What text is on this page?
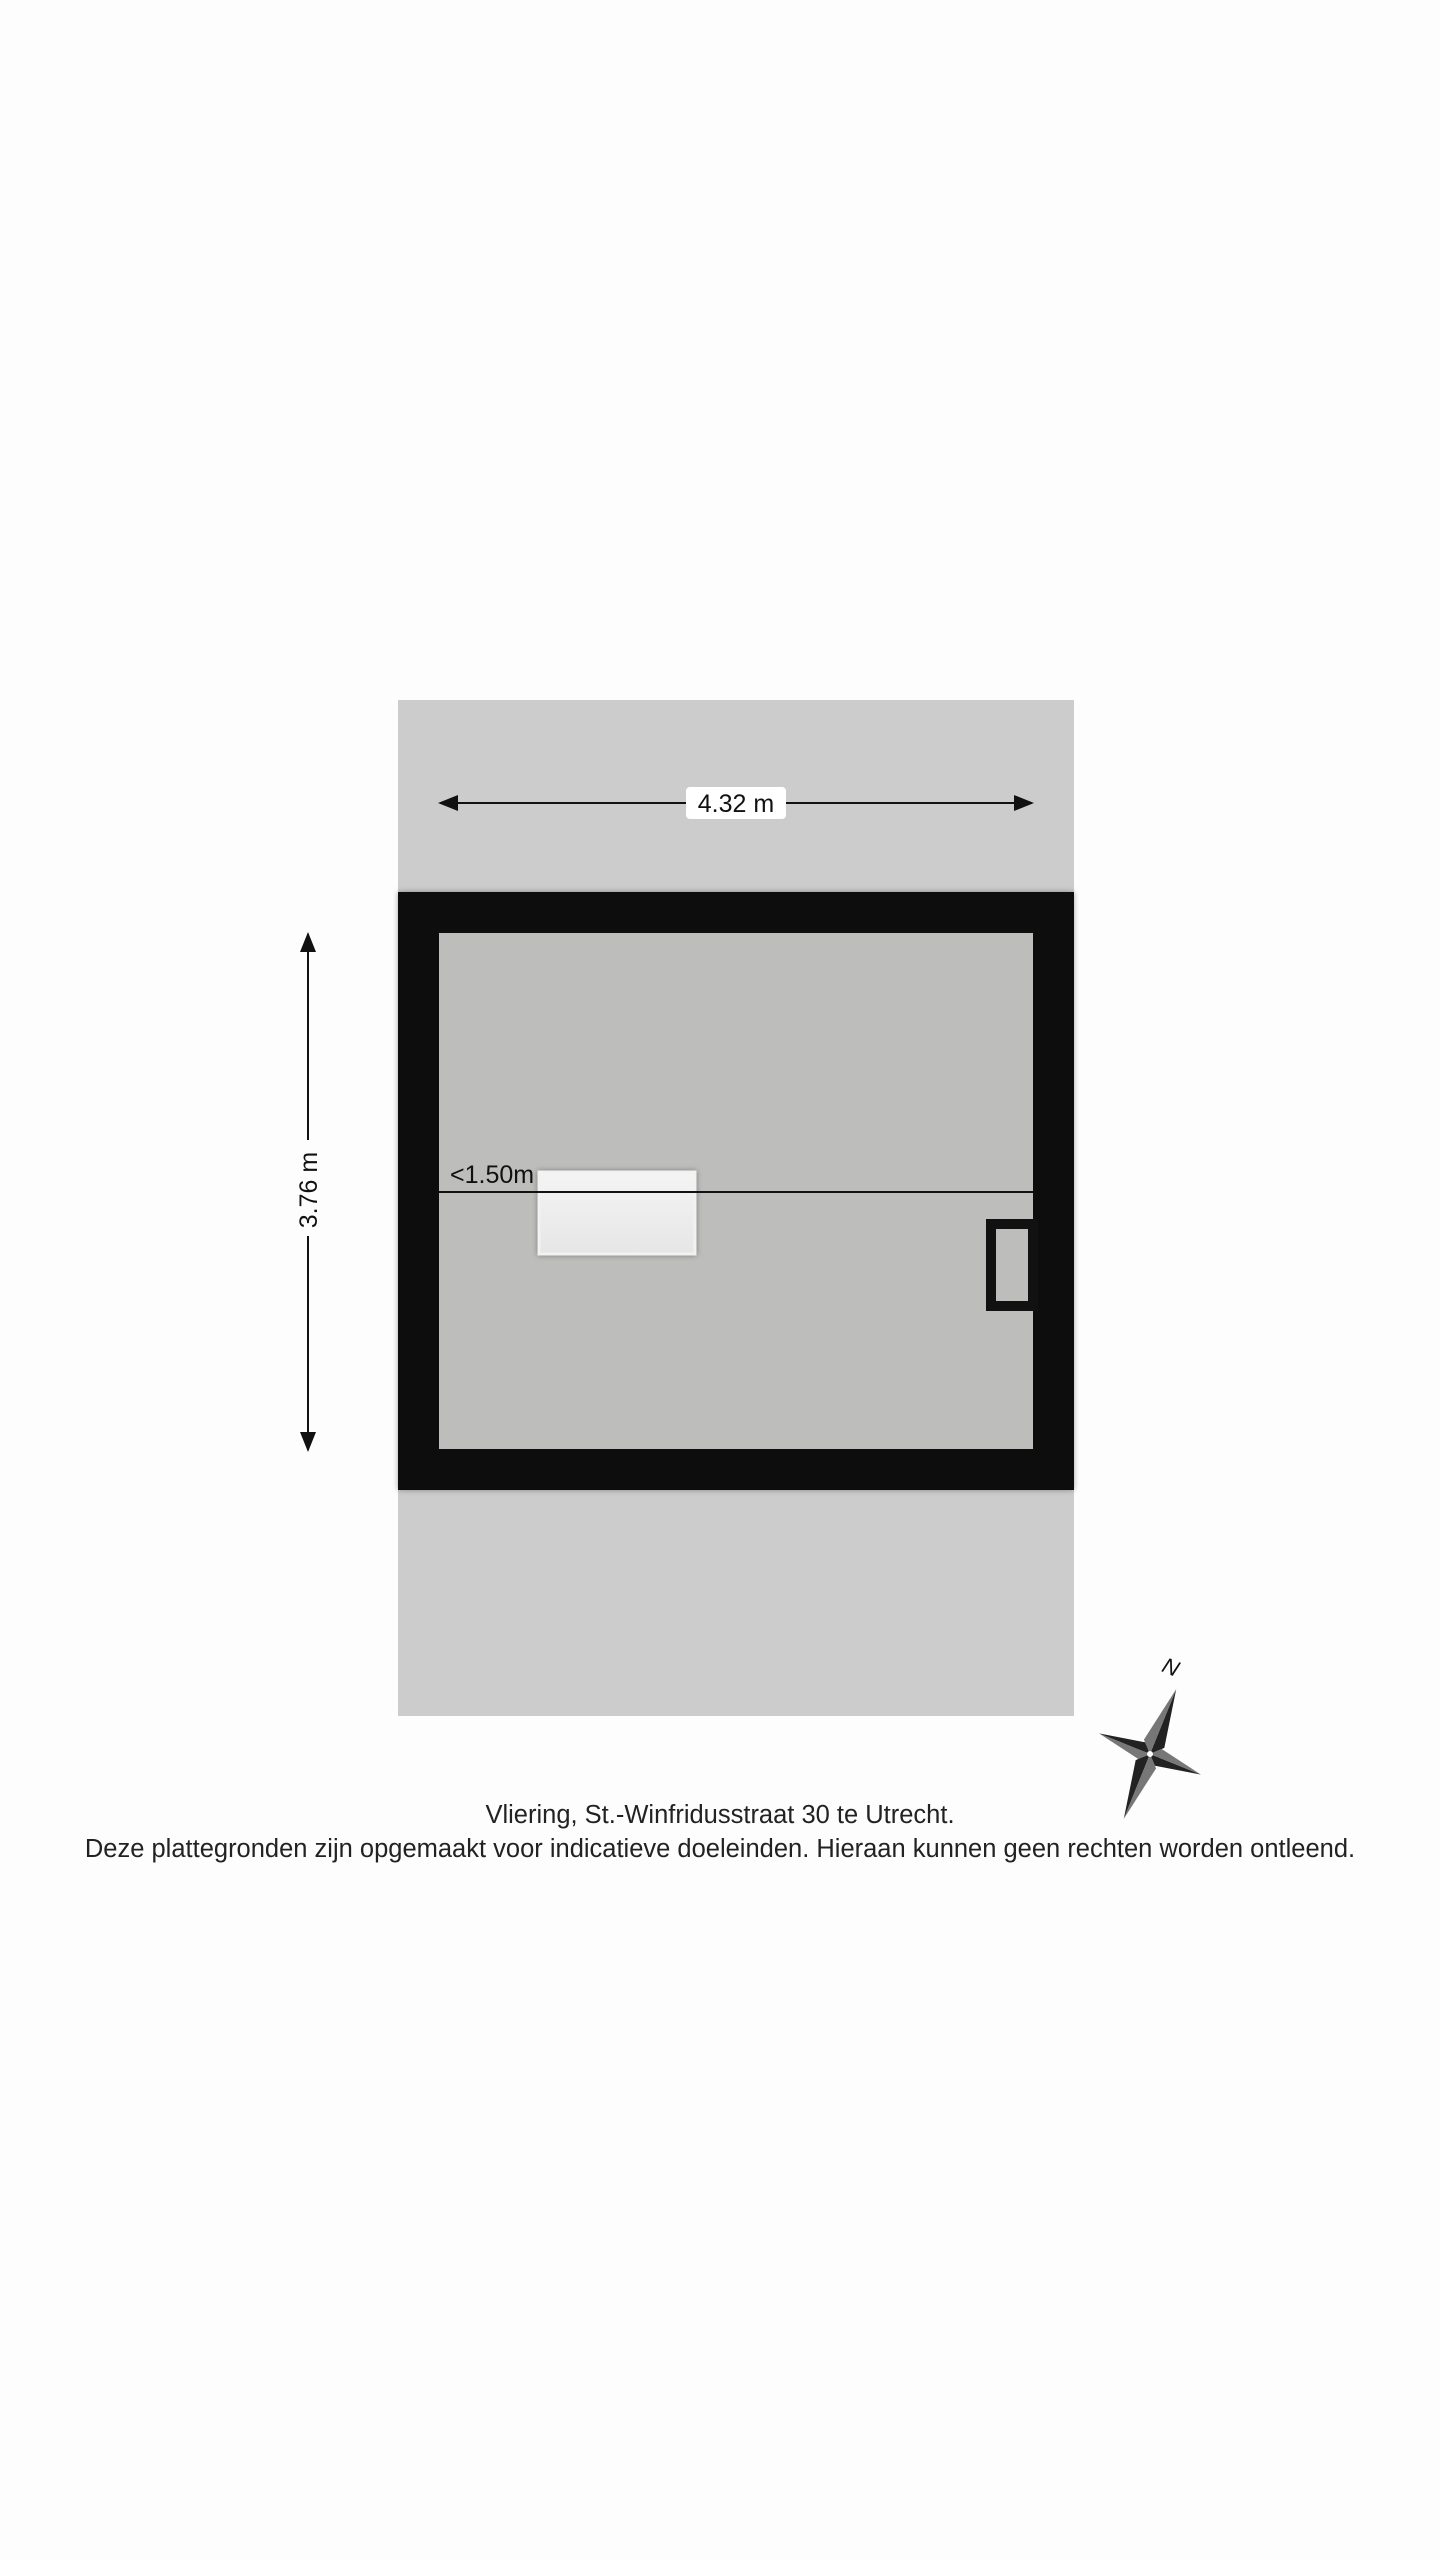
<1.50m
4.32 m
3.76 m
N
Vliering, St.-Winfridusstraat 30 te Utrecht.
Deze plattegronden zijn opgemaakt voor indicatieve doeleinden. Hieraan kunnen geen rechten worden ontleend.
